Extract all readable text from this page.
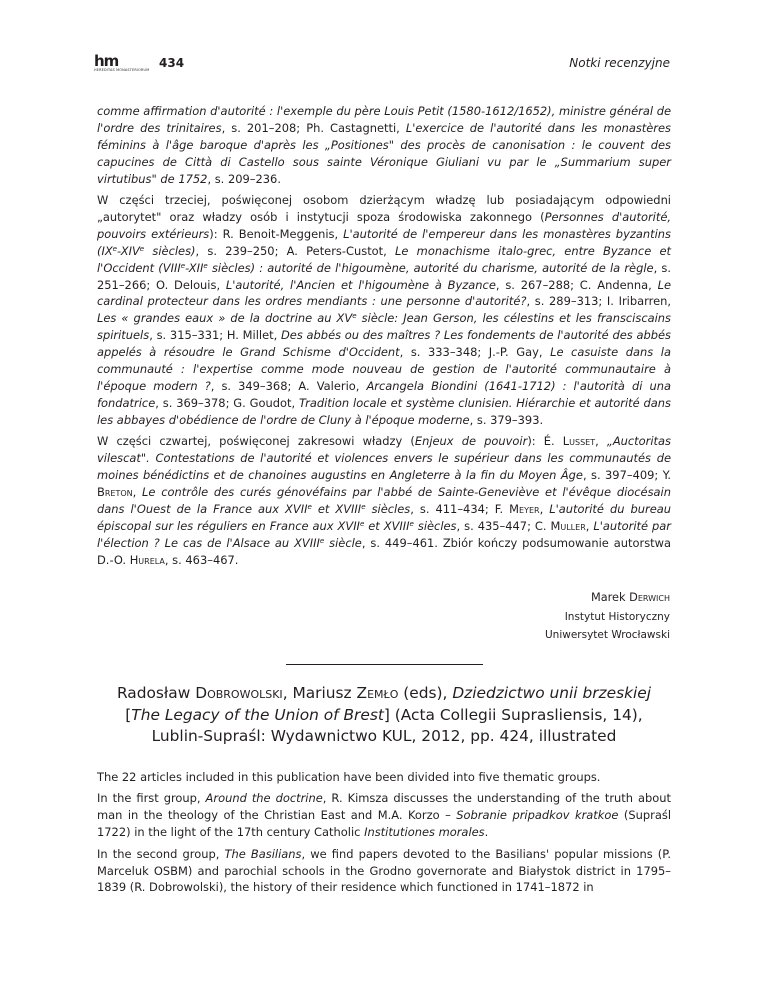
hm
HEREDITAS MONASTERIORUM 434	Notki recenzyjne

comme affirmation d'autorité : l'exemple du père Louis Petit (1580-1612/1652), ministre général de l'ordre des trinitaires, s. 201–208; Ph. Castagnetti, L'exercice de l'autorité dans les monastères féminins à l'âge baroque d'après les „Positiones" des procès de canonisation : le couvent des capucines de Città di Castello sous sainte Véronique Giuliani vu par le „Summarium super virtutibus" de 1752, s. 209–236.

W części trzeciej, poświęconej osobom dzierżącym władzę lub posiadającym odpowiedni „autorytet" oraz władzy osób i instytucji spoza środowiska zakonnego (Personnes d'autorité, pouvoirs extérieurs): R. Benoit-Meggenis, L'autorité de l'empereur dans les monastères byzantins (IXe-XIVe siècles), s. 239–250; A. Peters-Custot, Le monachisme italo-grec, entre Byzance et l'Occident (VIIIe-XIIe siècles) : autorité de l'higoumène, autorité du charisme, autorité de la règle, s. 251–266; O. Delouis, L'autorité, l'Ancien et l'higoumène à Byzance, s. 267–288; C. Andenna, Le cardinal protecteur dans les ordres mendiants : une personne d'autorité?, s. 289–313; I. Iribarren, Les « grandes eaux » de la doctrine au XVe siècle: Jean Gerson, les célestins et les fransciscains spirituels, s. 315–331; H. Millet, Des abbés ou des maîtres ? Les fondements de l'autorité des abbés appelés à résoudre le Grand Schisme d'Occident, s. 333–348; J.-P. Gay, Le casuiste dans la communauté : l'expertise comme mode nouveau de gestion de l'autorité communautaire à l'époque modern ?, s. 349–368; A. Valerio, Arcangela Biondini (1641-1712) : l'autorità di una fondatrice, s. 369–378; G. Goudot, Tradition locale et système clunisien. Hiérarchie et autorité dans les abbayes d'obédience de l'ordre de Cluny à l'époque moderne, s. 379–393.

W części czwartej, poświęconej zakresowi władzy (Enjeux de pouvoir): É. Lusset, „Auctoritas vilescat". Contestations de l'autorité et violences envers le supérieur dans les communautés de moines bénédictins et de chanoines augustins en Angleterre à la fin du Moyen Âge, s. 397–409; Y. Breton, Le contrôle des curés génovéfains par l'abbé de Sainte-Geneviève et l'évêque diocésain dans l'Ouest de la France aux XVIIe et XVIIIe siècles, s. 411–434; F. Meyer, L'autorité du bureau épiscopal sur les réguliers en France aux XVIIe et XVIIIe siècles, s. 435–447; C. Muller, L'autorité par l'élection ? Le cas de l'Alsace au XVIIIe siècle, s. 449–461. Zbiór kończy podsumowanie autorstwa D.-O. Hurela, s. 463–467.

Marek Derwich
Instytut Historyczny
Uniwersytet Wrocławski
Radosław Dobrowolski, Mariusz Zemło (eds), Dziedzictwo unii brzeskiej
[The Legacy of the Union of Brest] (Acta Collegii Suprasliensis, 14),
Lublin-Supraśl: Wydawnictwo KUL, 2012, pp. 424, illustrated

The 22 articles included in this publication have been divided into five thematic groups.

In the first group, Around the doctrine, R. Kimsza discusses the understanding of the truth about man in the theology of the Christian East and M.A. Korzo – Sobranie pripadkov kratkoe (Supraśl 1722) in the light of the 17th century Catholic Institutiones morales.

In the second group, The Basilians, we find papers devoted to the Basilians' popular missions (P. Marceluk OSBM) and parochial schools in the Grodno governorate and Białystok district in 1795–1839 (R. Dobrowolski), the history of their residence which functioned in 1741–1872 in
